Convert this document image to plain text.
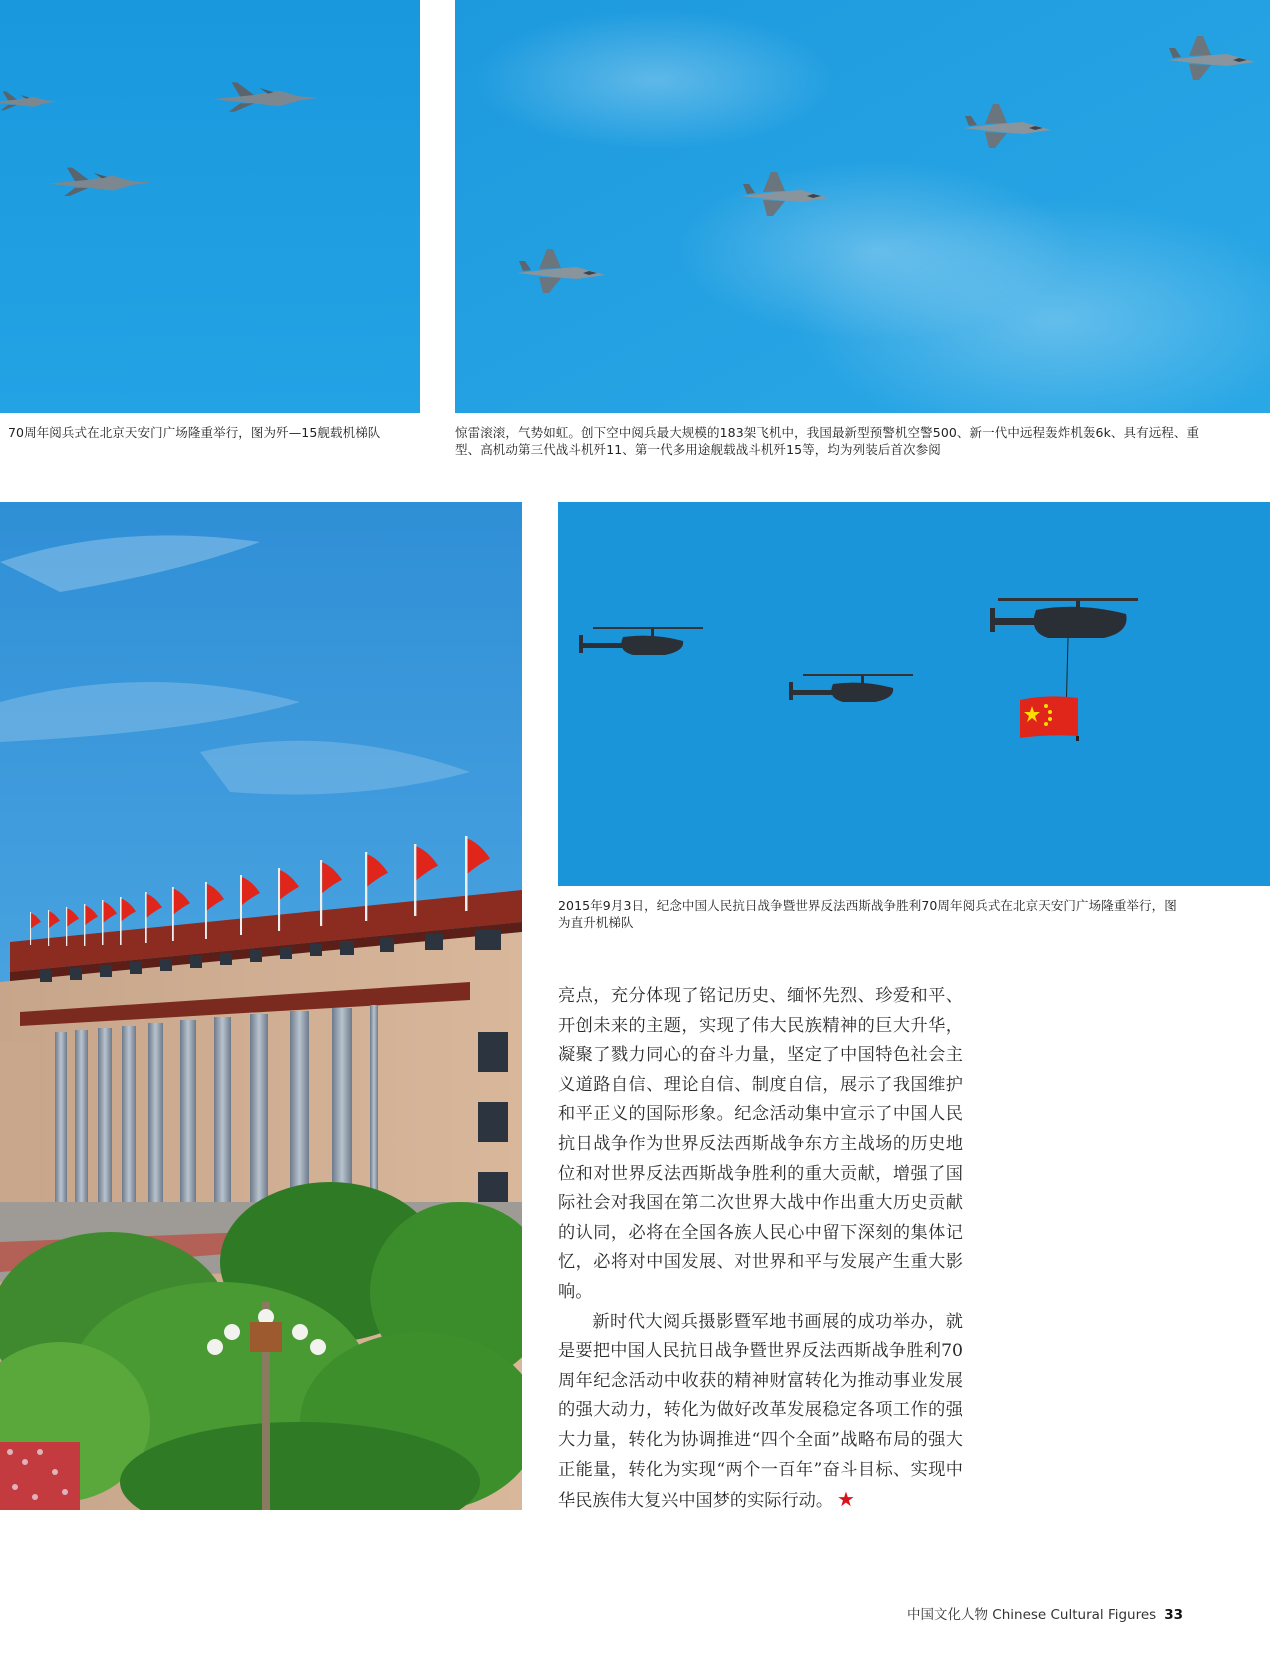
70周年阅兵式在北京天安门广场隆重举行，图为歼—15舰载机梯队	惊雷滚滚，气势如虹。创下空中阅兵最大规模的183架飞机中，我国最新型预警机空警500、新一代中远程轰炸机轰6k、具有远程、重型、高机动第三代战斗机歼11、第一代多用途舰载战斗机歼15等，均为列装后首次参阅
2015年9月3日，纪念中国人民抗日战争暨世界反法西斯战争胜利70周年阅兵式在北京天安门广场隆重举行，图为直升机梯队

亮点，充分体现了铭记历史、缅怀先烈、珍爱和平、开创未来的主题，实现了伟大民族精神的巨大升华，凝聚了戮力同心的奋斗力量，坚定了中国特色社会主义道路自信、理论自信、制度自信，展示了我国维护和平正义的国际形象。纪念活动集中宣示了中国人民抗日战争作为世界反法西斯战争东方主战场的历史地位和对世界反法西斯战争胜利的重大贡献，增强了国际社会对我国在第二次世界大战中作出重大历史贡献的认同，必将在全国各族人民心中留下深刻的集体记忆，必将对中国发展、对世界和平与发展产生重大影响。

新时代大阅兵摄影暨军地书画展的成功举办，就是要把中国人民抗日战争暨世界反法西斯战争胜利70周年纪念活动中收获的精神财富转化为推动事业发展的强大动力，转化为做好改革发展稳定各项工作的强大力量，转化为协调推进“四个全面”战略布局的强大正能量，转化为实现“两个一百年”奋斗目标、实现中华民族伟大复兴中国梦的实际行动。 ★

中国文化人物 Chinese Cultural Figures 33
